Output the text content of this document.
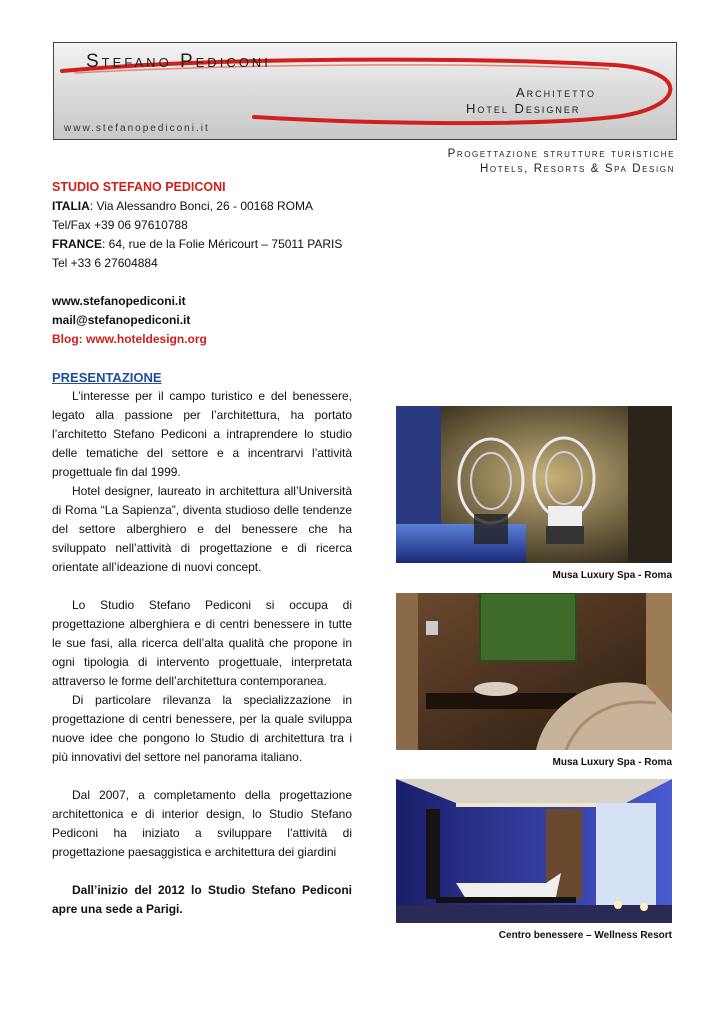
Stefano Pediconi
Architetto
Hotel Designer
www.stefanopediconi.it
Progettazione strutture turistiche
Hotels, Resorts & Spa Design

STUDIO STEFANO PEDICONI

ITALIA: Via Alessandro Bonci, 26 - 00168 ROMA

Tel/Fax +39 06 97610788

FRANCE: 64, rue de la Folie Méricourt – 75011 PARIS

Tel +33 6 27604884

www.stefanopediconi.it

mail@stefanopediconi.it

Blog: www.hoteldesign.org

PRESENTAZIONE

L’interesse per il campo turistico e del benessere, legato alla passione per l’architettura, ha portato l’architetto Stefano Pediconi a intraprendere lo studio delle tematiche del settore e a incentrarvi l’attività progettuale fin dal 1999.

Hotel designer, laureato in architettura all’Università di Roma “La Sapienza”, diventa studioso delle tendenze del settore alberghiero e del benessere che ha sviluppato nell’attività di progettazione e di ricerca orientate all’ideazione di nuovi concept.

Lo Studio Stefano Pediconi si occupa di progettazione alberghiera e di centri benessere in tutte le sue fasi, alla ricerca dell’alta qualità che propone in ogni tipologia di intervento progettuale, interpretata attraverso le forme dell’architettura contemporanea.

Di particolare rilevanza la specializzazione in progettazione di centri benessere, per la quale sviluppa nuove idee che pongono lo Studio di architettura tra i più innovativi del settore nel panorama italiano.

Dal 2007, a completamento della progettazione architettonica e di interior design, lo Studio Stefano Pediconi ha iniziato a sviluppare l’attività di progettazione paesaggistica e architettura dei giardini

Dall’inizio del 2012 lo Studio Stefano Pediconi apre una sede a Parigi.

Musa Luxury Spa - Roma
Musa Luxury Spa - Roma
Centro benessere – Wellness Resort
